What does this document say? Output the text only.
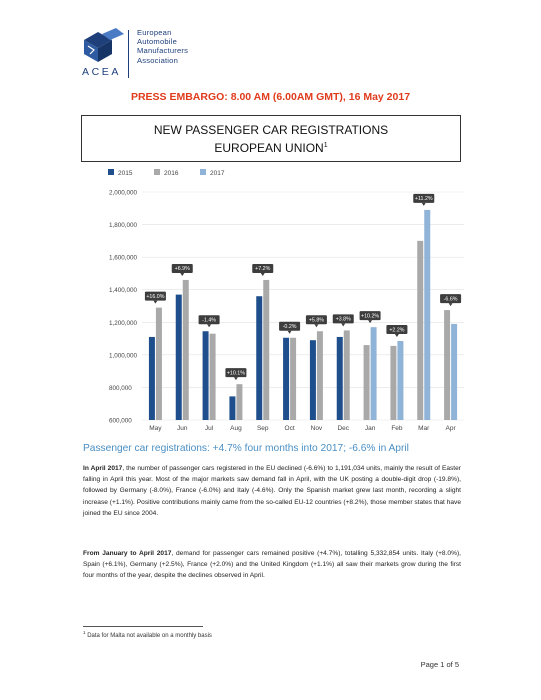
ACEA
European
Automobile
Manufacturers
Association
PRESS EMBARGO: 8.00 AM (6.00AM GMT), 16 May 2017
NEW PASSENGER CAR REGISTRATIONS
EUROPEAN UNION$^1$
2015	2016	2017
600,000
800,000
1,000,000
1,200,000
1,400,000
1,600,000
1,800,000
2,000,000
May
+16.0%
Jun
+6.9%
Jul
-1.4%
Aug
+10.1%
Sep
+7.2%
Oct
-0.2%
Nov
+5.8%
Dec
+3.8%
Jan
+10.2%
Feb
+2.2%
Mar
+11.2%
Apr
-6.6%
Passenger car registrations: +4.7% four months into 2017; -6.6% in April
In April 2017, the number of passenger cars registered in the EU declined (-6.6%) to 1,191,034 units, mainly the result of Easter falling in April this year. Most of the major markets saw demand fall in April, with the UK posting a double-digit drop (-19.8%), followed by Germany (-8.0%), France (-6.0%) and Italy (-4.6%). Only the Spanish market grew last month, recording a slight increase (+1.1%). Positive contributions mainly came from the so-called EU-12 countries (+8.2%), those member states that have joined the EU since 2004.
From January to April 2017, demand for passenger cars remained positive (+4.7%), totalling 5,332,854 units. Italy (+8.0%), Spain (+6.1%), Germany (+2.5%), France (+2.0%) and the United Kingdom (+1.1%) all saw their markets grow during the first four months of the year, despite the declines observed in April.
$^1$ Data for Malta not available on a monthly basis
Page 1 of 5
